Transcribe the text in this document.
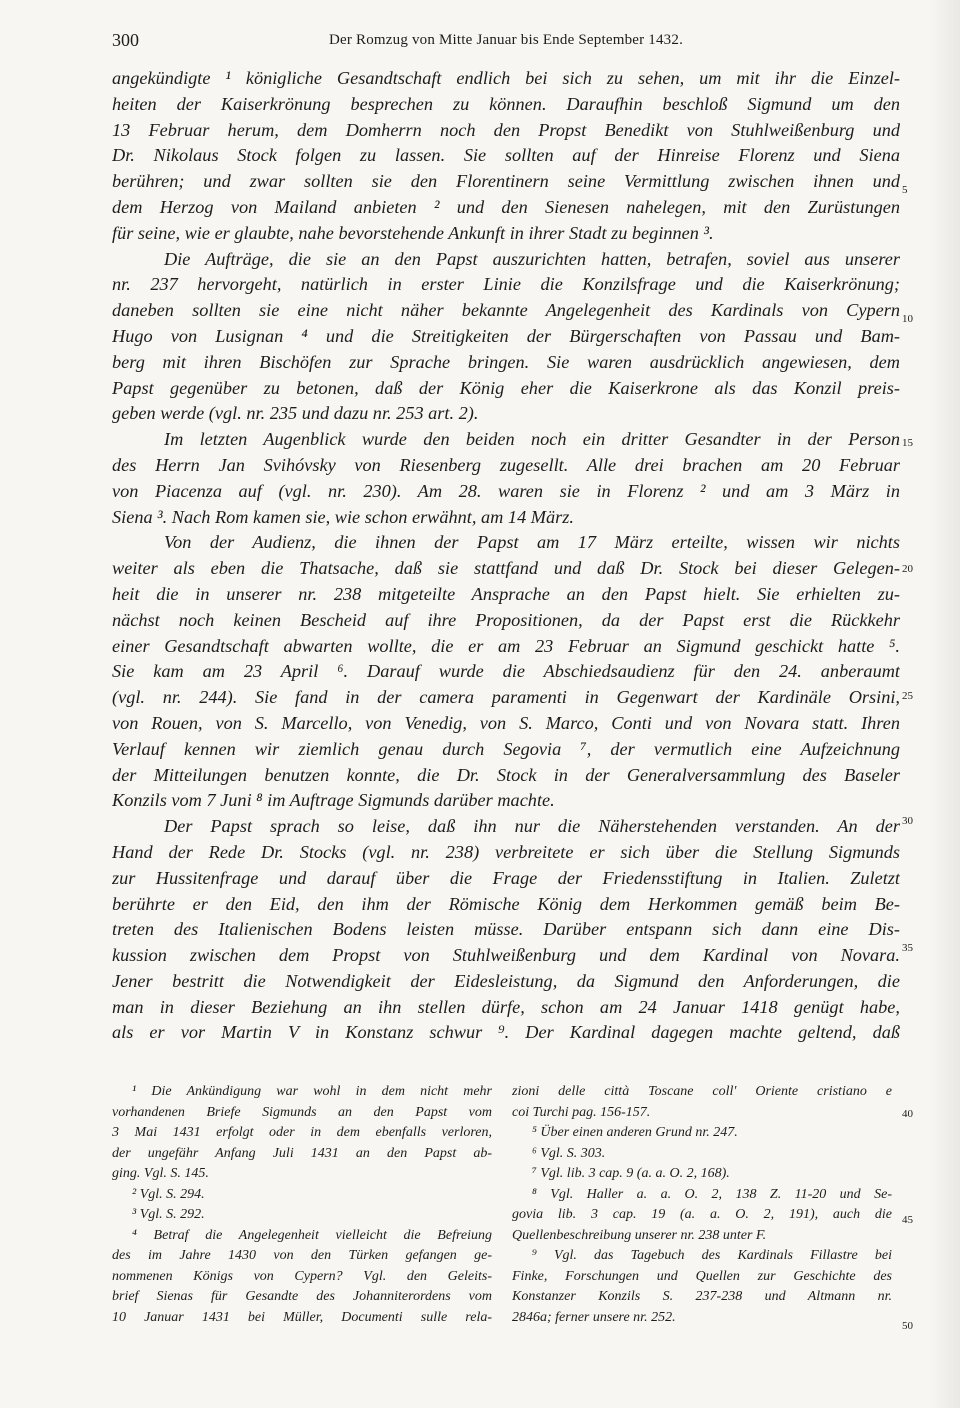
300	Der Romzug von Mitte Januar bis Ende September 1432.
angekündigte ¹ königliche Gesandtschaft endlich bei sich zu sehen, um mit ihr die Einzel-
heiten der Kaiserkrönung besprechen zu können. Daraufhin beschloß Sigmund um den
13 Februar herum, dem Domherrn noch den Propst Benedikt von Stuhlweißenburg und
Dr. Nikolaus Stock folgen zu lassen. Sie sollten auf der Hinreise Florenz und Siena
berühren; und zwar sollten sie den Florentinern seine Vermittlung zwischen ihnen und
dem Herzog von Mailand anbieten ² und den Sienesen nahelegen, mit den Zurüstungen
für seine, wie er glaubte, nahe bevorstehende Ankunft in ihrer Stadt zu beginnen ³.
Die Aufträge, die sie an den Papst auszurichten hatten, betrafen, soviel aus unserer
nr. 237 hervorgeht, natürlich in erster Linie die Konzilsfrage und die Kaiserkrönung;
daneben sollten sie eine nicht näher bekannte Angelegenheit des Kardinals von Cypern
Hugo von Lusignan ⁴ und die Streitigkeiten der Bürgerschaften von Passau und Bam-
berg mit ihren Bischöfen zur Sprache bringen. Sie waren ausdrücklich angewiesen, dem
Papst gegenüber zu betonen, daß der König eher die Kaiserkrone als das Konzil preis-
geben werde (vgl. nr. 235 und dazu nr. 253 art. 2).
Im letzten Augenblick wurde den beiden noch ein dritter Gesandter in der Person
des Herrn Jan Svihóvsky von Riesenberg zugesellt. Alle drei brachen am 20 Februar
von Piacenza auf (vgl. nr. 230). Am 28. waren sie in Florenz ² und am 3 März in
Siena ³. Nach Rom kamen sie, wie schon erwähnt, am 14 März.
Von der Audienz, die ihnen der Papst am 17 März erteilte, wissen wir nichts
weiter als eben die Thatsache, daß sie stattfand und daß Dr. Stock bei dieser Gelegen-
heit die in unserer nr. 238 mitgeteilte Ansprache an den Papst hielt. Sie erhielten zu-
nächst noch keinen Bescheid auf ihre Propositionen, da der Papst erst die Rückkehr
einer Gesandtschaft abwarten wollte, die er am 23 Februar an Sigmund geschickt hatte ⁵.
Sie kam am 23 April ⁶. Darauf wurde die Abschiedsaudienz für den 24. anberaumt
(vgl. nr. 244). Sie fand in der camera paramenti in Gegenwart der Kardinäle Orsini,
von Rouen, von S. Marcello, von Venedig, von S. Marco, Conti und von Novara statt. Ihren
Verlauf kennen wir ziemlich genau durch Segovia ⁷, der vermutlich eine Aufzeichnung
der Mitteilungen benutzen konnte, die Dr. Stock in der Generalversammlung des Baseler
Konzils vom 7 Juni ⁸ im Auftrage Sigmunds darüber machte.
Der Papst sprach so leise, daß ihn nur die Näherstehenden verstanden. An der
Hand der Rede Dr. Stocks (vgl. nr. 238) verbreitete er sich über die Stellung Sigmunds
zur Hussitenfrage und darauf über die Frage der Friedensstiftung in Italien. Zuletzt
berührte er den Eid, den ihm der Römische König dem Herkommen gemäß beim Be-
treten des Italienischen Bodens leisten müsse. Darüber entspann sich dann eine Dis-
kussion zwischen dem Propst von Stuhlweißenburg und dem Kardinal von Novara.
Jener bestritt die Notwendigkeit der Eidesleistung, da Sigmund den Anforderungen, die
man in dieser Beziehung an ihn stellen dürfe, schon am 24 Januar 1418 genügt habe,
als er vor Martin V in Konstanz schwur ⁹. Der Kardinal dagegen machte geltend, daß
5
10
15
20
25
30
35
¹ Die Ankündigung war wohl in dem nicht mehr
vorhandenen Briefe Sigmunds an den Papst vom
3 Mai 1431 erfolgt oder in dem ebenfalls verloren,
der ungefähr Anfang Juli 1431 an den Papst ab-
ging. Vgl. S. 145.
² Vgl. S. 294.
³ Vgl. S. 292.
⁴ Betraf die Angelegenheit vielleicht die Befreiung
des im Jahre 1430 von den Türken gefangen ge-
nommenen Königs von Cypern? Vgl. den Geleits-
brief Sienas für Gesandte des Johanniterordens vom
10 Januar 1431 bei Müller, Documenti sulle rela-
zioni delle città Toscane coll' Oriente cristiano e
coi Turchi pag. 156-157.
⁵ Über einen anderen Grund nr. 247.
⁶ Vgl. S. 303.
⁷ Vgl. lib. 3 cap. 9 (a. a. O. 2, 168).
⁸ Vgl. Haller a. a. O. 2, 138 Z. 11-20 und Se-
govia lib. 3 cap. 19 (a. a. O. 2, 191), auch die
Quellenbeschreibung unserer nr. 238 unter F.
⁹ Vgl. das Tagebuch des Kardinals Fillastre bei
Finke, Forschungen und Quellen zur Geschichte des
Konstanzer Konzils S. 237-238 und Altmann nr.
2846a; ferner unsere nr. 252.
40
45
50
